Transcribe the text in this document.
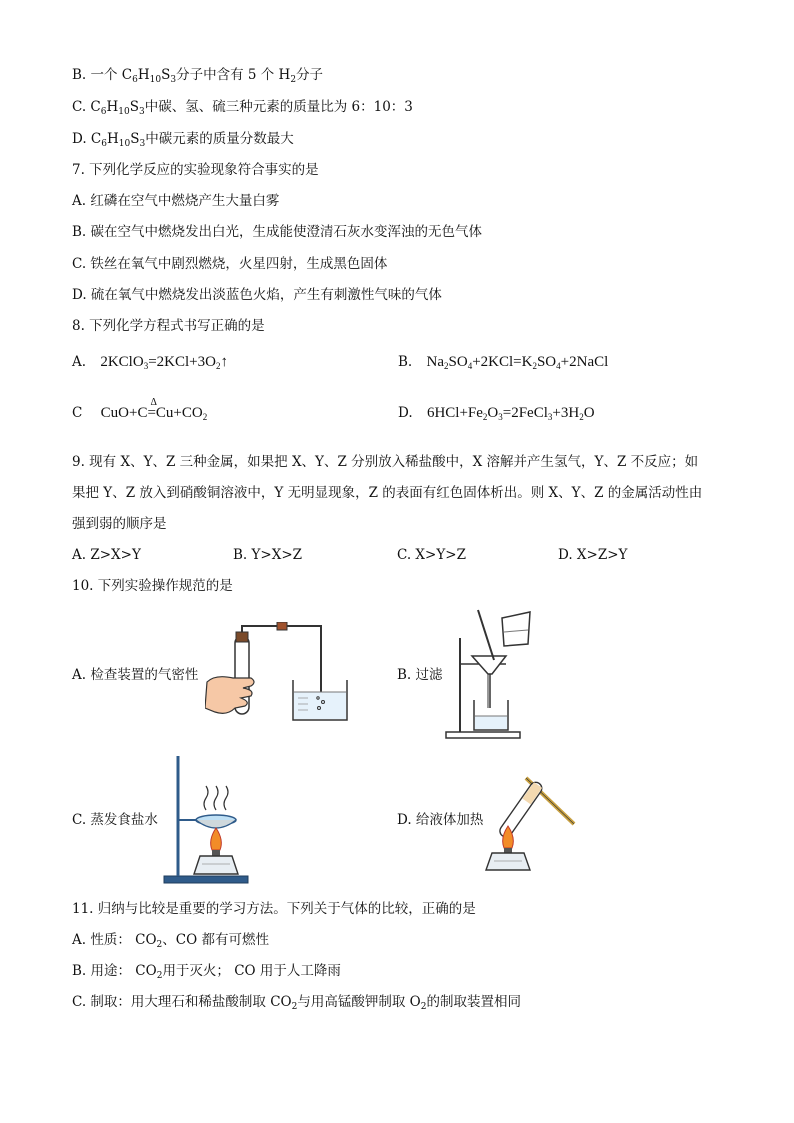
B. 一个 $C_6H_{10}S_3$分子中含有 5 个 $H_2$分子
C. $C_6H_{10}S_3$中碳、氢、硫三种元素的质量比为 6：10：3
D. $C_6H_{10}S_3$中碳元素的质量分数最大
7. 下列化学反应的实验现象符合事实的是
A. 红磷在空气中燃烧产生大量白雾
B. 碳在空气中燃烧发出白光，生成能使澄清石灰水变浑浊的无色气体
C. 铁丝在氧气中剧烈燃烧，火星四射，生成黑色固体
D. 硫在氧气中燃烧发出淡蓝色火焰，产生有刺激性气味的气体
8. 下列化学方程式书写正确的是
A. $2KClO_3=2KCl+3O_2↑$	B. $Na_2SO_4+2KCl=K_2SO_4+2NaCl$
C CuO+C
Δ
$=Cu+CO_2$	D. $6HCl+Fe_2O_3=2FeCl_3+3H_2O$
9. 现有 X、Y、Z 三种金属，如果把 X、Y、Z 分别放入稀盐酸中，X 溶解并产生氢气，Y、Z 不反应；如
果把 Y、Z 放入到硝酸铜溶液中，Y 无明显现象，Z 的表面有红色固体析出。则 X、Y、Z 的金属活动性由
强到弱的顺序是
A. Z>X>Y	B. Y>X>Z	C. X>Y>Z	D. X>Z>Y
10. 下列实验操作规范的是
A. 检查装置的气密性	B. 过滤
C. 蒸发食盐水	D. 给液体加热
11. 归纳与比较是重要的学习方法。下列关于气体的比较，正确的是
A. 性质： $CO_2$、CO 都有可燃性
B. 用途： $CO_2$用于灭火； CO 用于人工降雨
C. 制取：用大理石和稀盐酸制取 $CO_2$与用高锰酸钾制取 $O_2$的制取装置相同
